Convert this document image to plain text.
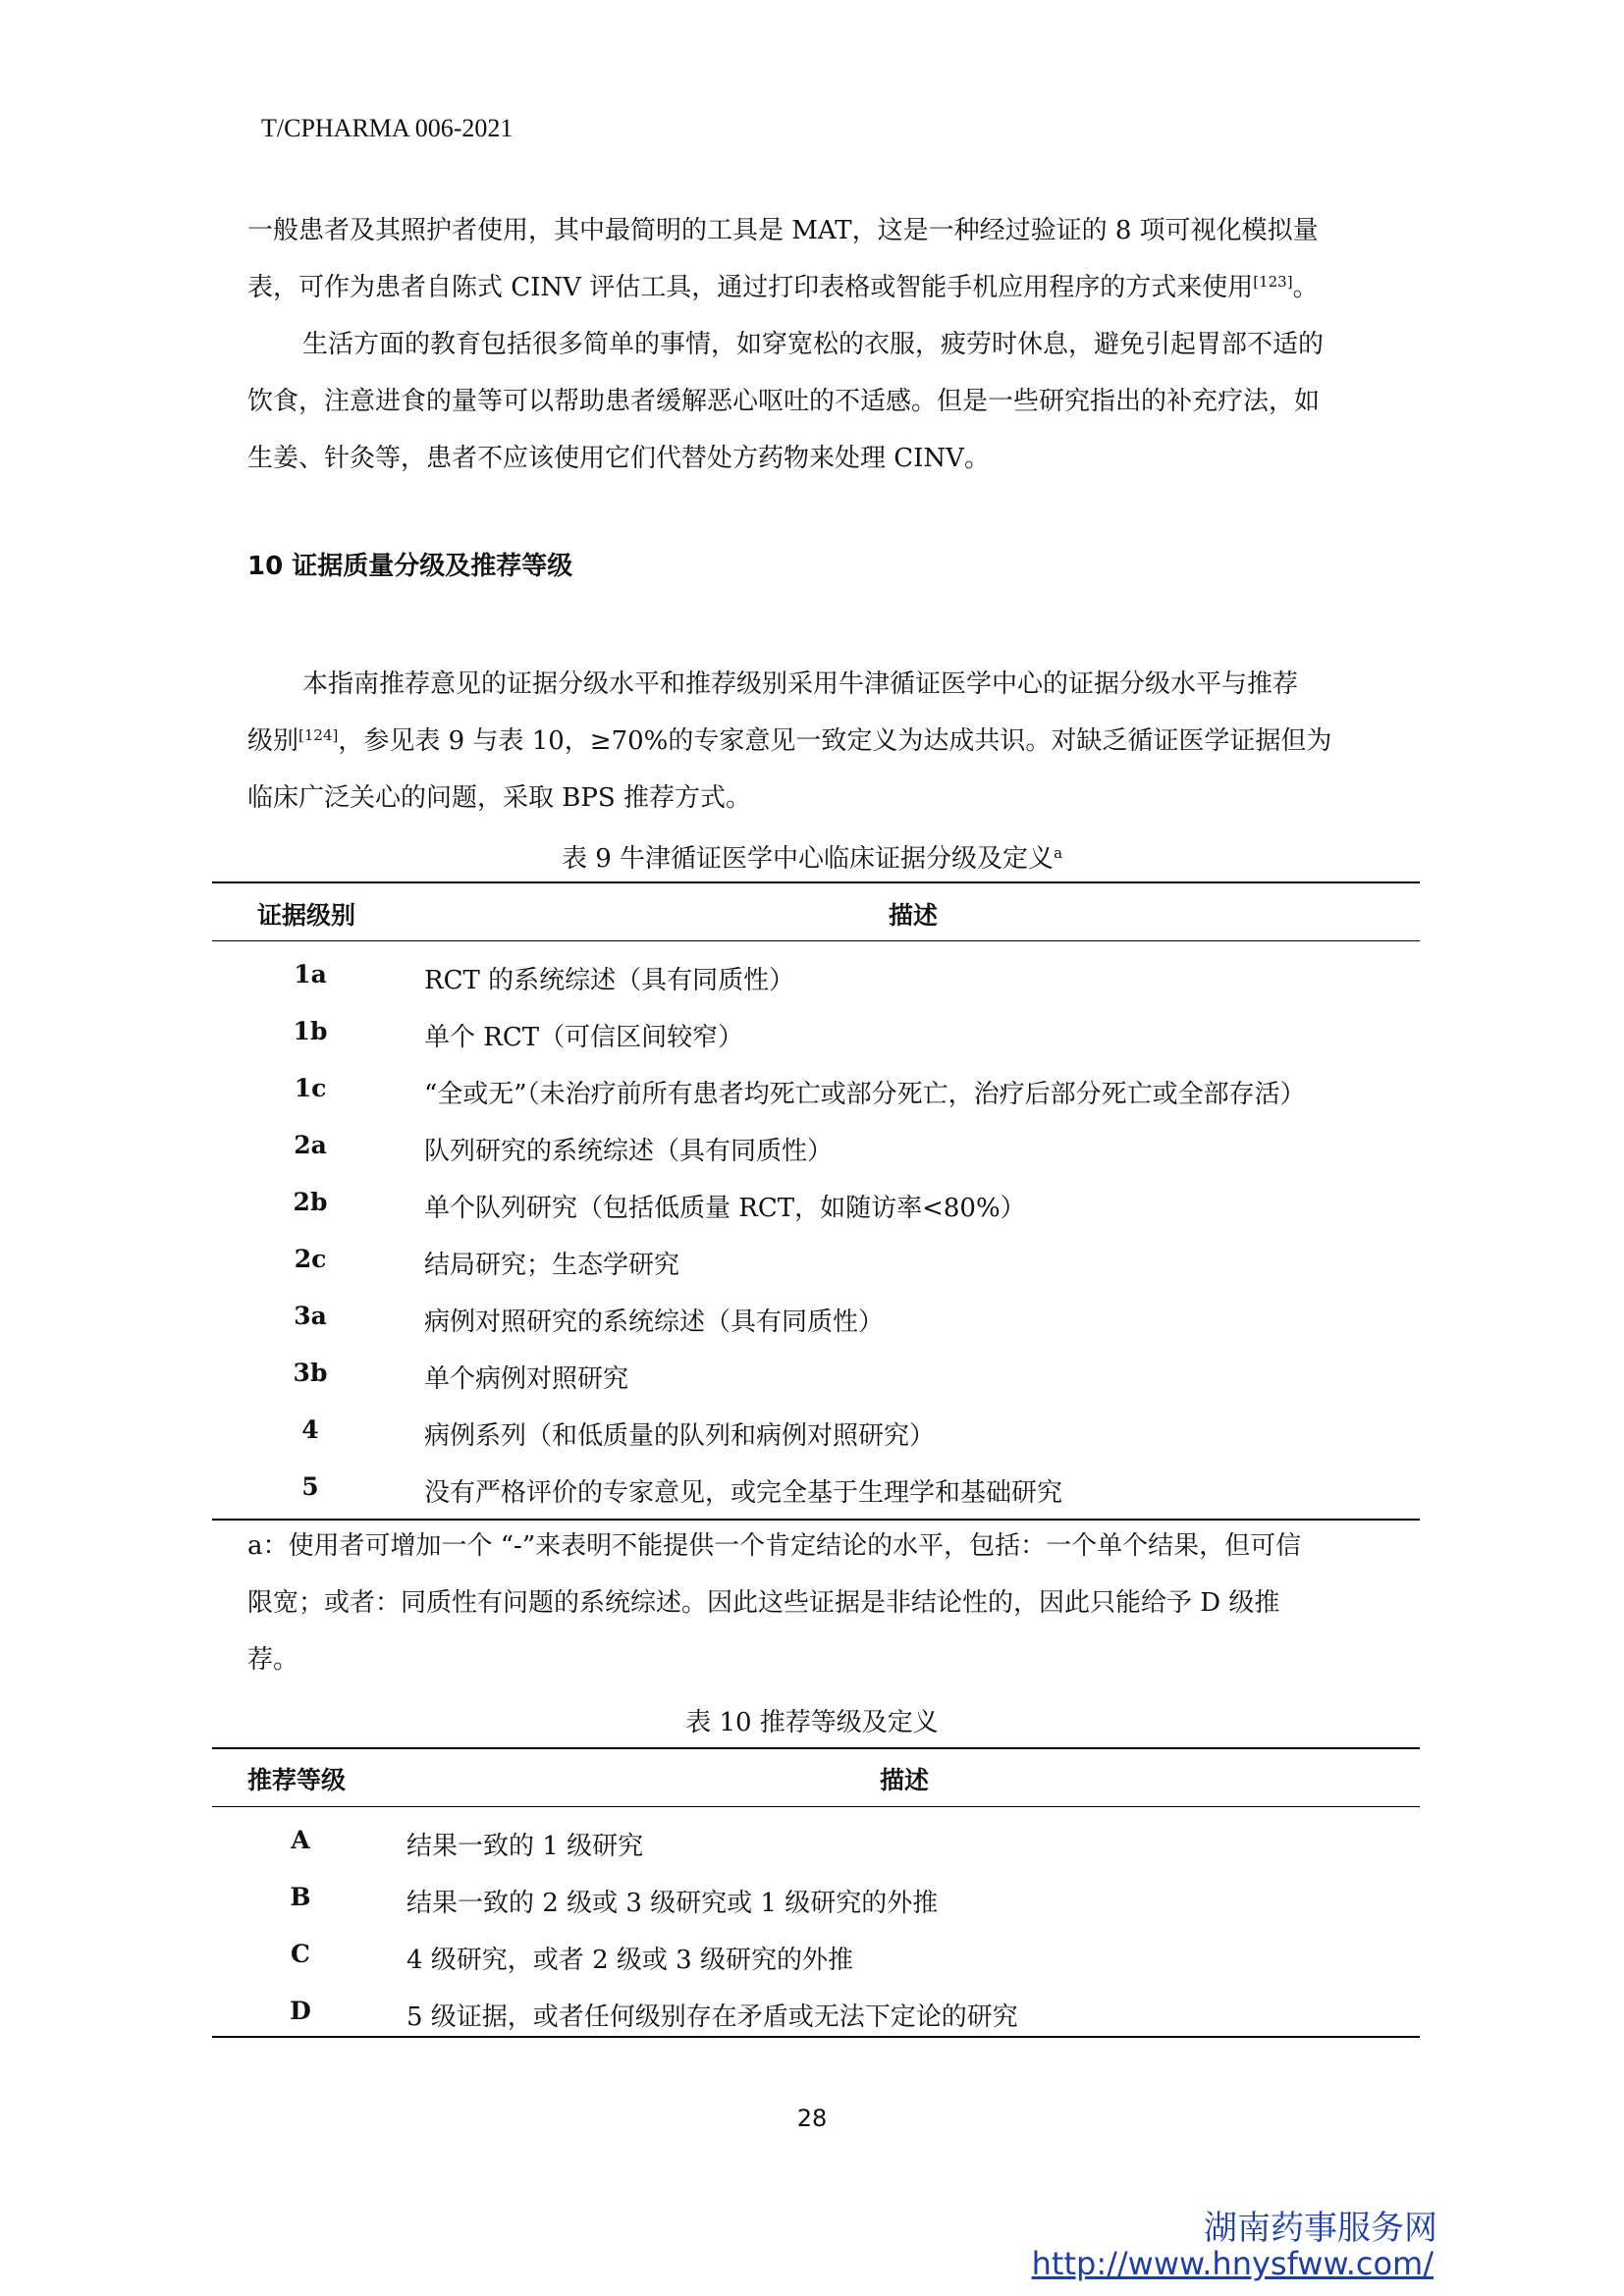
T/CPHARMA 006-2021

一般患者及其照护者使用，其中最简明的工具是 MAT，这是一种经过验证的 8 项可视化模拟量
表，可作为患者自陈式 CINV 评估工具，通过打印表格或智能手机应用程序的方式来使用[123]。

生活方面的教育包括很多简单的事情，如穿宽松的衣服，疲劳时休息，避免引起胃部不适的
饮食，注意进食的量等可以帮助患者缓解恶心呕吐的不适感。但是一些研究指出的补充疗法，如
生姜、针灸等，患者不应该使用它们代替处方药物来处理 CINV。

10 证据质量分级及推荐等级

本指南推荐意见的证据分级水平和推荐级别采用牛津循证医学中心的证据分级水平与推荐
级别[124]，参见表 9 与表 10，≥70%的专家意见一致定义为达成共识。对缺乏循证医学证据但为
临床广泛关心的问题，采取 BPS 推荐方式。

表 9 牛津循证医学中心临床证据分级及定义$^a$
证据级别	描述
1a	RCT 的系统综述（具有同质性）
1b	单个 RCT（可信区间较窄）
1c	“全或无”（未治疗前所有患者均死亡或部分死亡，治疗后部分死亡或全部存活）
2a	队列研究的系统综述（具有同质性）
2b	单个队列研究（包括低质量 RCT，如随访率<80%）
2c	结局研究；生态学研究
3a	病例对照研究的系统综述（具有同质性）
3b	单个病例对照研究
4	病例系列（和低质量的队列和病例对照研究）
5	没有严格评价的专家意见，或完全基于生理学和基础研究
a：使用者可增加一个 “-”来表明不能提供一个肯定结论的水平，包括：一个单个结果，但可信
限宽；或者：同质性有问题的系统综述。因此这些证据是非结论性的，因此只能给予 D 级推
荐。
表 10 推荐等级及定义
推荐等级	描述
A	结果一致的 1 级研究
B	结果一致的 2 级或 3 级研究或 1 级研究的外推
C	4 级研究，或者 2 级或 3 级研究的外推
D	5 级证据，或者任何级别存在矛盾或无法下定论的研究
28
湖南药事服务网
http://www.hnysfww.com/
